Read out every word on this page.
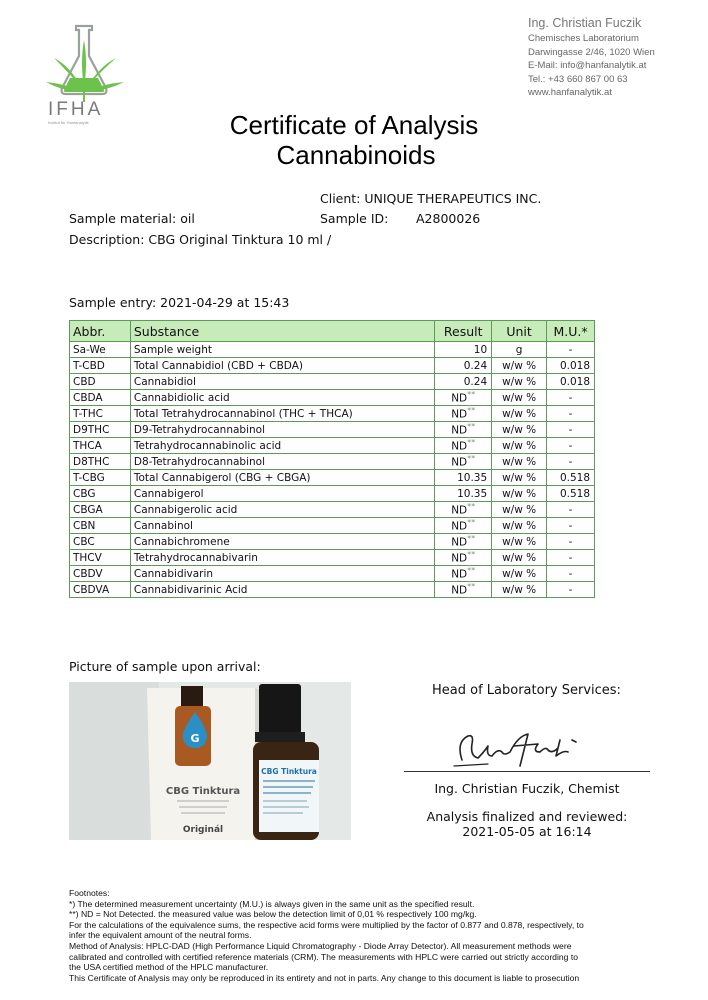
IFHA
Institut für Hanfanalytik
Ing. Christian Fuczik
Chemisches Laboratorium
Darwingasse 2/46, 1020 Wien
E-Mail: info@hanfanalytik.at
Tel.: +43 660 867 00 63
www.hanfanalytik.at
Certificate of Analysis
Cannabinoids
Client: UNIQUE THERAPEUTICS INC.
Sample material: oil	Sample ID: A2800026
Description: CBG Original Tinktura 10 ml /
Sample entry: 2021-04-29 at 15:43
Abbr.	Substance	Result	Unit	M.U.*
Sa-We	Sample weight	10	g	-
T-CBD	Total Cannabidiol (CBD + CBDA)	0.24	w/w %	0.018
CBD	Cannabidiol	0.24	w/w %	0.018
CBDA	Cannabidiolic acid	ND**	w/w %	-
T-THC	Total Tetrahydrocannabinol (THC + THCA)	ND**	w/w %	-
D9THC	D9-Tetrahydrocannabinol	ND**	w/w %	-
THCA	Tetrahydrocannabinolic acid	ND**	w/w %	-
D8THC	D8-Tetrahydrocannabinol	ND**	w/w %	-
T-CBG	Total Cannabigerol (CBG + CBGA)	10.35	w/w %	0.518
CBG	Cannabigerol	10.35	w/w %	0.518
CBGA	Cannabigerolic acid	ND**	w/w %	-
CBN	Cannabinol	ND**	w/w %	-
CBC	Cannabichromene	ND**	w/w %	-
THCV	Tetrahydrocannabivarin	ND**	w/w %	-
CBDV	Cannabidivarin	ND**	w/w %	-
CBDVA	Cannabidivarinic Acid	ND**	w/w %	-
Picture of sample upon arrival:
G
CBG Tinktura
Originál
CBG Tinktura
Head of Laboratory Services:
Ing. Christian Fuczik, Chemist
Analysis finalized and reviewed:
2021-05-05 at 16:14
Footnotes:
*) The determined measurement uncertainty (M.U.) is always given in the same unit as the specified result.
**) ND = Not Detected. the measured value was below the detection limit of 0,01 % respectively 100 mg/kg.
For the calculations of the equivalence sums, the respective acid forms were multiplied by the factor of 0.877 and 0.878, respectively, to
infer the equivalent amount of the neutral forms.
Method of Analysis: HPLC-DAD (High Performance Liquid Chromatography - Diode Array Detector). All measurement methods were
calibrated and controlled with certified reference materials (CRM). The measurements with HPLC were carried out strictly according to
the USA certified method of the HPLC manufacturer.
This Certificate of Analysis may only be reproduced in its entirety and not in parts. Any change to this document is liable to prosecution
